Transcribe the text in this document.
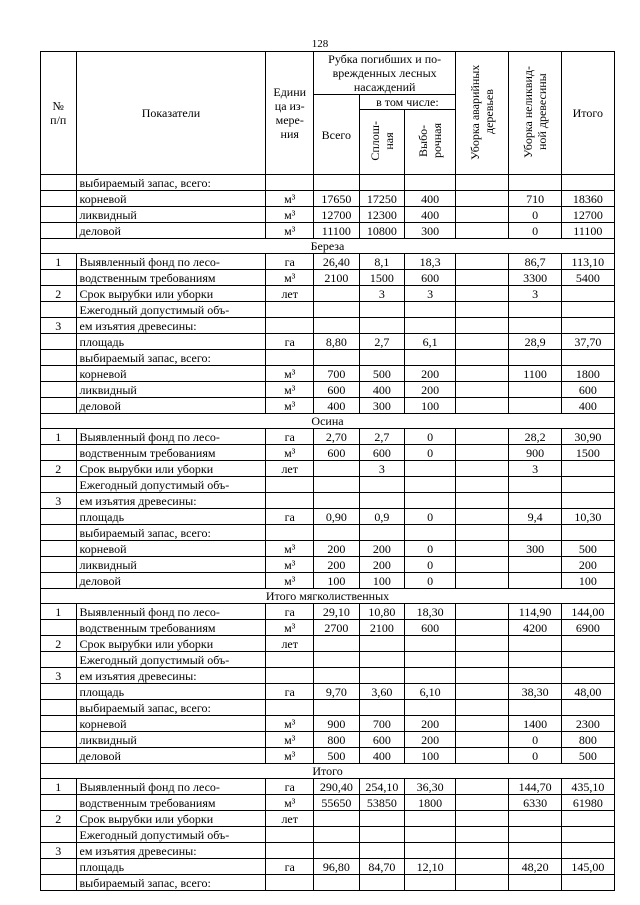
128
№
п/п	Показатели	Едини
ца из-
мере-
ния	Рубка погибших и по-
врежденных лесных
насаждений			Уборка аварийных деревьев	Уборка неликвид-
ной древесины	Итого
			Всего	в том числе:				
				Сплош-
ная	Выбо-
рочная			
	выбираемый запас, всего:							
	корневой	м³	17650	17250	400		710	18360
	ликвидный	м³	12700	12300	400		0	12700
	деловой	м³	11100	10800	300		0	11100
Береза								
1	Выявленный фонд по лесо-	га	26,40	8,1	18,3		86,7	113,10
	водственным требованиям	м³	2100	1500	600		3300	5400
2	Срок вырубки или уборки	лет		3	3		3	
	Ежегодный допустимый объ-							
3	ем изъятия древесины:							
	площадь	га	8,80	2,7	6,1		28,9	37,70
	выбираемый запас, всего:							
	корневой	м³	700	500	200		1100	1800
	ликвидный	м³	600	400	200			600
	деловой	м³	400	300	100			400
Осина								
1	Выявленный фонд по лесо-	га	2,70	2,7	0		28,2	30,90
	водственным требованиям	м³	600	600	0		900	1500
2	Срок вырубки или уборки	лет		3			3	
	Ежегодный допустимый объ-							
3	ем изъятия древесины:							
	площадь	га	0,90	0,9	0		9,4	10,30
	выбираемый запас, всего:							
	корневой	м³	200	200	0		300	500
	ликвидный	м³	200	200	0			200
	деловой	м³	100	100	0			100
Итого мягколиственных								
1	Выявленный фонд по лесо-	га	29,10	10,80	18,30		114,90	144,00
	водственным требованиям	м³	2700	2100	600		4200	6900
2	Срок вырубки или уборки	лет						
	Ежегодный допустимый объ-							
3	ем изъятия древесины:							
	площадь	га	9,70	3,60	6,10		38,30	48,00
	выбираемый запас, всего:							
	корневой	м³	900	700	200		1400	2300
	ликвидный	м³	800	600	200		0	800
	деловой	м³	500	400	100		0	500
Итого								
1	Выявленный фонд по лесо-	га	290,40	254,10	36,30		144,70	435,10
	водственным требованиям	м³	55650	53850	1800		6330	61980
2	Срок вырубки или уборки	лет						
	Ежегодный допустимый объ-							
3	ем изъятия древесины:							
	площадь	га	96,80	84,70	12,10		48,20	145,00
	выбираемый запас, всего:							
